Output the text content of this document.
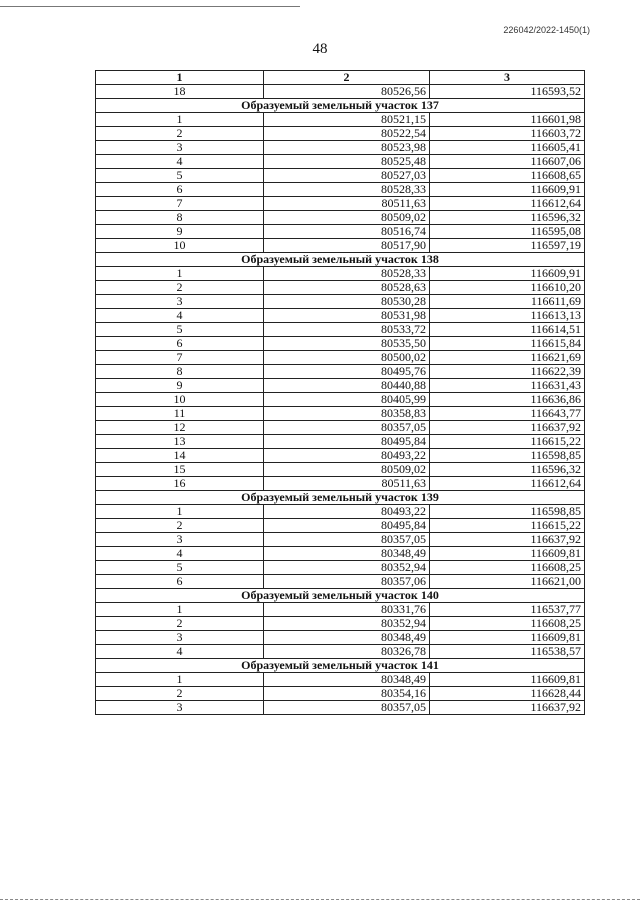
226042/2022-1450(1)
48
1	2	3
18	80526,56	116593,52
Образуемый земельный участок 137		
1	80521,15	116601,98
2	80522,54	116603,72
3	80523,98	116605,41
4	80525,48	116607,06
5	80527,03	116608,65
6	80528,33	116609,91
7	80511,63	116612,64
8	80509,02	116596,32
9	80516,74	116595,08
10	80517,90	116597,19
Образуемый земельный участок 138		
1	80528,33	116609,91
2	80528,63	116610,20
3	80530,28	116611,69
4	80531,98	116613,13
5	80533,72	116614,51
6	80535,50	116615,84
7	80500,02	116621,69
8	80495,76	116622,39
9	80440,88	116631,43
10	80405,99	116636,86
11	80358,83	116643,77
12	80357,05	116637,92
13	80495,84	116615,22
14	80493,22	116598,85
15	80509,02	116596,32
16	80511,63	116612,64
Образуемый земельный участок 139		
1	80493,22	116598,85
2	80495,84	116615,22
3	80357,05	116637,92
4	80348,49	116609,81
5	80352,94	116608,25
6	80357,06	116621,00
Образуемый земельный участок 140		
1	80331,76	116537,77
2	80352,94	116608,25
3	80348,49	116609,81
4	80326,78	116538,57
Образуемый земельный участок 141		
1	80348,49	116609,81
2	80354,16	116628,44
3	80357,05	116637,92
